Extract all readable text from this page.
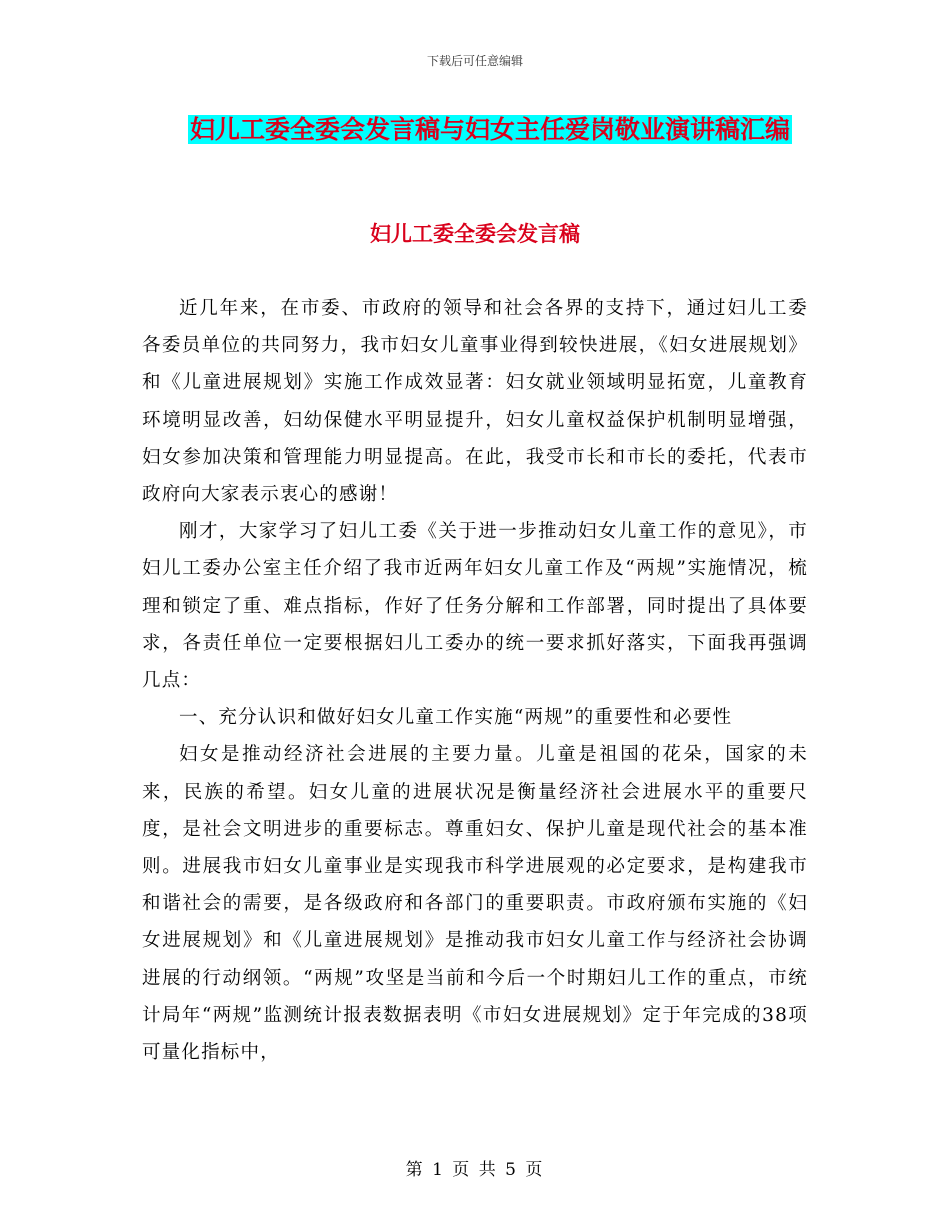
下载后可任意编辑
妇儿工委全委会发言稿与妇女主任爱岗敬业演讲稿汇编
妇儿工委全委会发言稿

近几年来，在市委、市政府的领导和社会各界的支持下，通过妇儿工委各委员单位的共同努力，我市妇女儿童事业得到较快进展，《妇女进展规划》和《儿童进展规划》实施工作成效显著：妇女就业领域明显拓宽，儿童教育环境明显改善，妇幼保健水平明显提升，妇女儿童权益保护机制明显增强，妇女参加决策和管理能力明显提高。在此，我受市长和市长的委托，代表市政府向大家表示衷心的感谢！

刚才，大家学习了妇儿工委《关于进一步推动妇女儿童工作的意见》，市妇儿工委办公室主任介绍了我市近两年妇女儿童工作及“两规”实施情况，梳理和锁定了重、难点指标，作好了任务分解和工作部署，同时提出了具体要求，各责任单位一定要根据妇儿工委办的统一要求抓好落实，下面我再强调几点：

一、充分认识和做好妇女儿童工作实施“两规”的重要性和必要性

妇女是推动经济社会进展的主要力量。儿童是祖国的花朵，国家的未来，民族的希望。妇女儿童的进展状况是衡量经济社会进展水平的重要尺度，是社会文明进步的重要标志。尊重妇女、保护儿童是现代社会的基本准则。进展我市妇女儿童事业是实现我市科学进展观的必定要求，是构建我市和谐社会的需要，是各级政府和各部门的重要职责。市政府颁布实施的《妇女进展规划》和《儿童进展规划》是推动我市妇女儿童工作与经济社会协调进展的行动纲领。“两规”攻坚是当前和今后一个时期妇儿工作的重点，市统计局年“两规”监测统计报表数据表明《市妇女进展规划》定于年完成的38项可量化指标中，

第 1 页 共 5 页
